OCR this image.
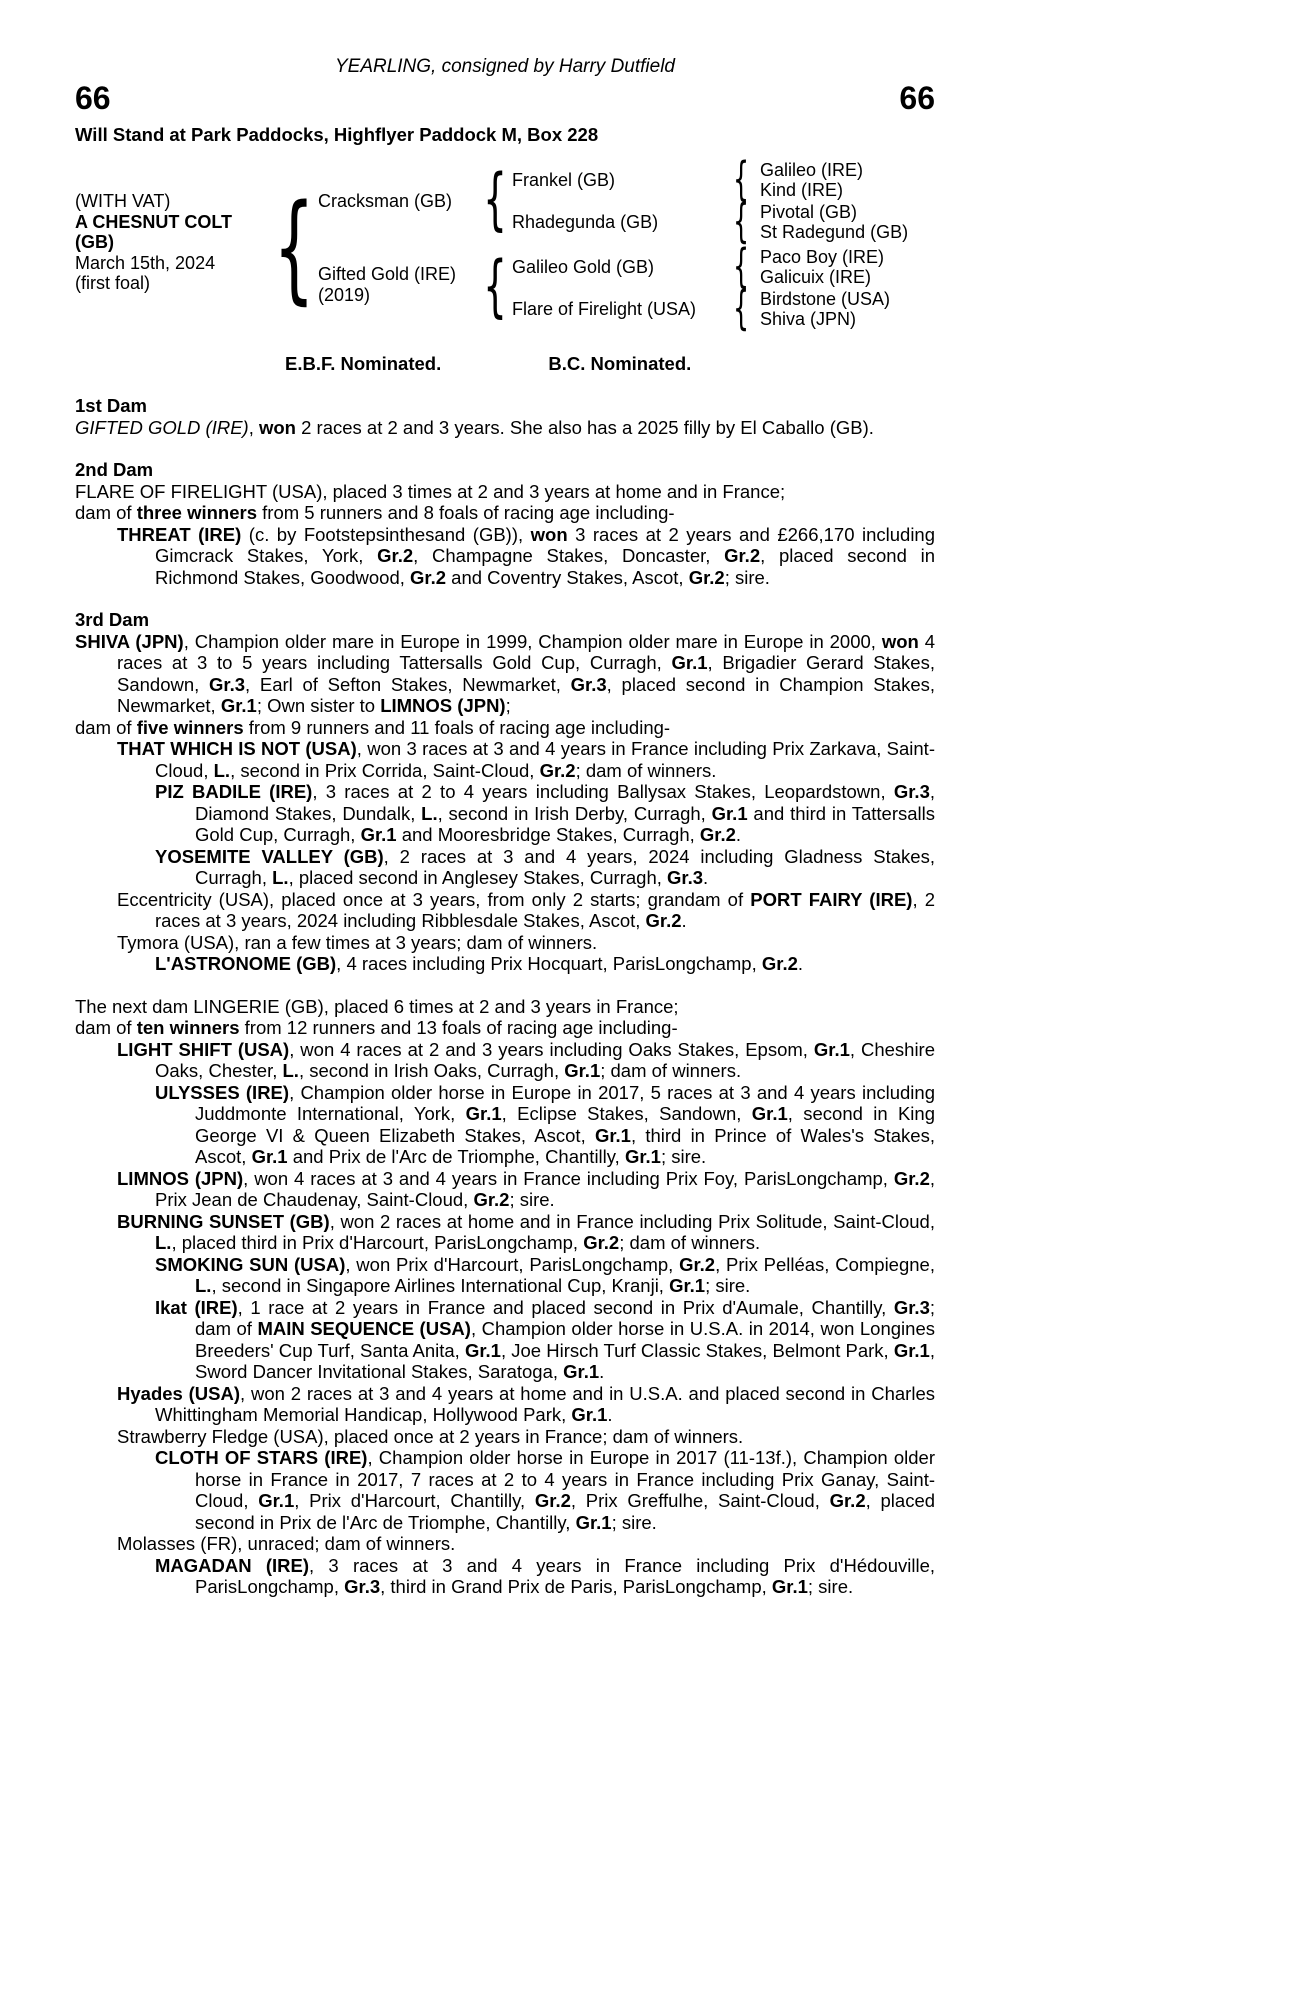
YEARLING, consigned by Harry Dutfield
66	66
Will Stand at Park Paddocks, Highflyer Paddock M, Box 228
(WITH VAT)
A CHESNUT COLT
(GB)
March 15th, 2024
(first foal)
{
{
{
{
{
{
{
Cracksman (GB)
Gifted Gold (IRE)
(2019)
Frankel (GB)
Rhadegunda (GB)
Galileo Gold (GB)
Flare of Firelight (USA)
Galileo (IRE)
Kind (IRE)
Pivotal (GB)
St Radegund (GB)
Paco Boy (IRE)
Galicuix (IRE)
Birdstone (USA)
Shiva (JPN)
E.B.F. Nominated.	B.C. Nominated.
1st Dam

GIFTED GOLD (IRE), won 2 races at 2 and 3 years. She also has a 2025 filly by El Caballo (GB).

2nd Dam

FLARE OF FIRELIGHT (USA), placed 3 times at 2 and 3 years at home and in France;

dam of three winners from 5 runners and 8 foals of racing age including-

THREAT (IRE) (c. by Footstepsinthesand (GB)), won 3 races at 2 years and £266,170 including Gimcrack Stakes, York, Gr.2, Champagne Stakes, Doncaster, Gr.2, placed second in Richmond Stakes, Goodwood, Gr.2 and Coventry Stakes, Ascot, Gr.2; sire.

3rd Dam

SHIVA (JPN), Champion older mare in Europe in 1999, Champion older mare in Europe in 2000, won 4 races at 3 to 5 years including Tattersalls Gold Cup, Curragh, Gr.1, Brigadier Gerard Stakes, Sandown, Gr.3, Earl of Sefton Stakes, Newmarket, Gr.3, placed second in Champion Stakes, Newmarket, Gr.1; Own sister to LIMNOS (JPN);

dam of five winners from 9 runners and 11 foals of racing age including-

THAT WHICH IS NOT (USA), won 3 races at 3 and 4 years in France including Prix Zarkava, Saint-Cloud, L., second in Prix Corrida, Saint-Cloud, Gr.2; dam of winners.

PIZ BADILE (IRE), 3 races at 2 to 4 years including Ballysax Stakes, Leopardstown, Gr.3, Diamond Stakes, Dundalk, L., second in Irish Derby, Curragh, Gr.1 and third in Tattersalls Gold Cup, Curragh, Gr.1 and Mooresbridge Stakes, Curragh, Gr.2.

YOSEMITE VALLEY (GB), 2 races at 3 and 4 years, 2024 including Gladness Stakes, Curragh, L., placed second in Anglesey Stakes, Curragh, Gr.3.

Eccentricity (USA), placed once at 3 years, from only 2 starts; grandam of PORT FAIRY (IRE), 2 races at 3 years, 2024 including Ribblesdale Stakes, Ascot, Gr.2.

Tymora (USA), ran a few times at 3 years; dam of winners.

L'ASTRONOME (GB), 4 races including Prix Hocquart, ParisLongchamp, Gr.2.

The next dam LINGERIE (GB), placed 6 times at 2 and 3 years in France;

dam of ten winners from 12 runners and 13 foals of racing age including-

LIGHT SHIFT (USA), won 4 races at 2 and 3 years including Oaks Stakes, Epsom, Gr.1, Cheshire Oaks, Chester, L., second in Irish Oaks, Curragh, Gr.1; dam of winners.

ULYSSES (IRE), Champion older horse in Europe in 2017, 5 races at 3 and 4 years including Juddmonte International, York, Gr.1, Eclipse Stakes, Sandown, Gr.1, second in King George VI & Queen Elizabeth Stakes, Ascot, Gr.1, third in Prince of Wales's Stakes, Ascot, Gr.1 and Prix de l'Arc de Triomphe, Chantilly, Gr.1; sire.

LIMNOS (JPN), won 4 races at 3 and 4 years in France including Prix Foy, ParisLongchamp, Gr.2, Prix Jean de Chaudenay, Saint-Cloud, Gr.2; sire.

BURNING SUNSET (GB), won 2 races at home and in France including Prix Solitude, Saint-Cloud, L., placed third in Prix d'Harcourt, ParisLongchamp, Gr.2; dam of winners.

SMOKING SUN (USA), won Prix d'Harcourt, ParisLongchamp, Gr.2, Prix Pelléas, Compiegne, L., second in Singapore Airlines International Cup, Kranji, Gr.1; sire.

Ikat (IRE), 1 race at 2 years in France and placed second in Prix d'Aumale, Chantilly, Gr.3; dam of MAIN SEQUENCE (USA), Champion older horse in U.S.A. in 2014, won Longines Breeders' Cup Turf, Santa Anita, Gr.1, Joe Hirsch Turf Classic Stakes, Belmont Park, Gr.1, Sword Dancer Invitational Stakes, Saratoga, Gr.1.

Hyades (USA), won 2 races at 3 and 4 years at home and in U.S.A. and placed second in Charles Whittingham Memorial Handicap, Hollywood Park, Gr.1.

Strawberry Fledge (USA), placed once at 2 years in France; dam of winners.

CLOTH OF STARS (IRE), Champion older horse in Europe in 2017 (11-13f.), Champion older horse in France in 2017, 7 races at 2 to 4 years in France including Prix Ganay, Saint-Cloud, Gr.1, Prix d'Harcourt, Chantilly, Gr.2, Prix Greffulhe, Saint-Cloud, Gr.2, placed second in Prix de l'Arc de Triomphe, Chantilly, Gr.1; sire.

Molasses (FR), unraced; dam of winners.

MAGADAN (IRE), 3 races at 3 and 4 years in France including Prix d'Hédouville, ParisLongchamp, Gr.3, third in Grand Prix de Paris, ParisLongchamp, Gr.1; sire.
